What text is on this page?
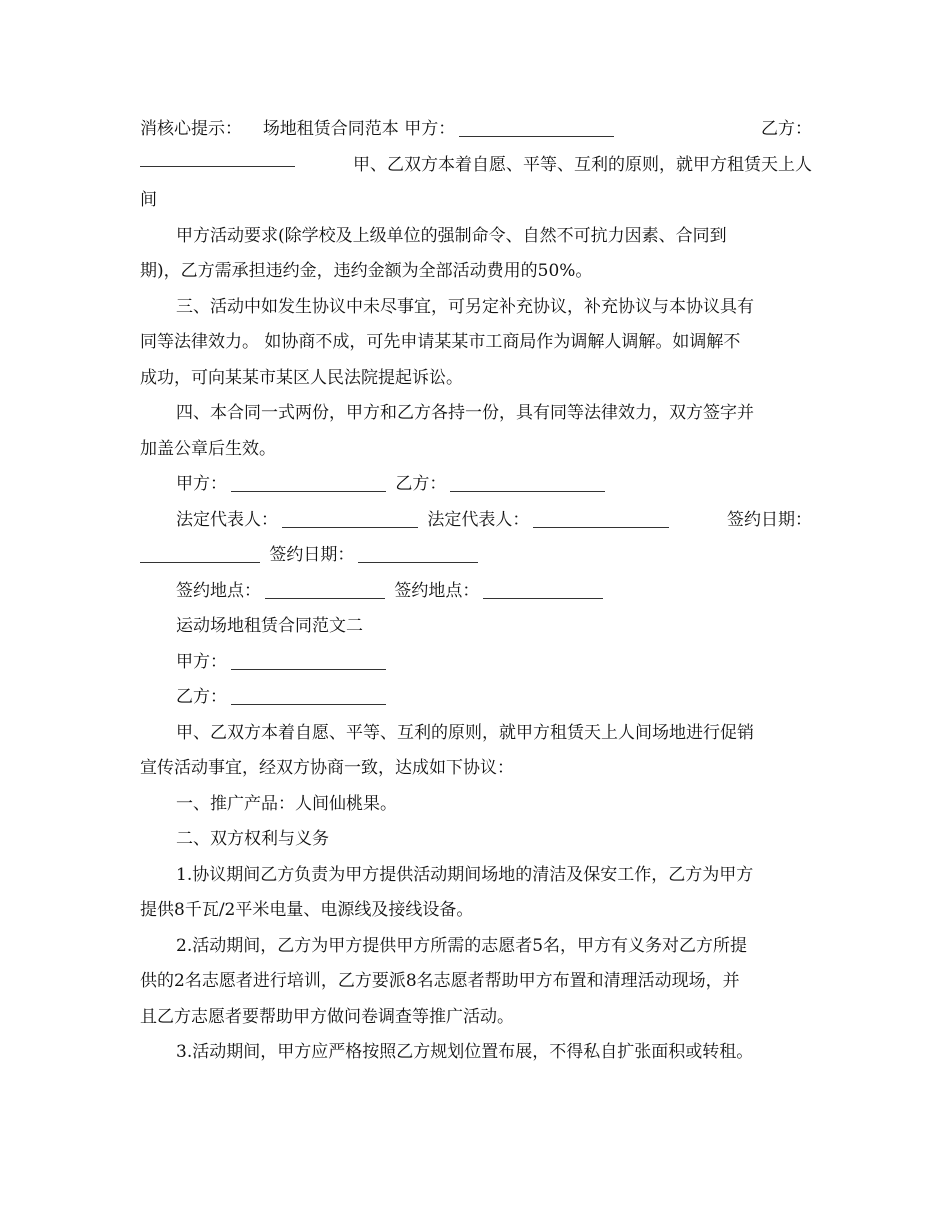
消核心提示： 场地租赁合同范本 甲方：	乙方：
甲、乙双方本着自愿、平等、互利的原则，就甲方租赁天上人
间
甲方活动要求(除学校及上级单位的强制命令、自然不可抗力因素、合同到
期)，乙方需承担违约金，违约金额为全部活动费用的50%。
三、活动中如发生协议中未尽事宜，可另定补充协议，补充协议与本协议具有
同等法律效力。 如协商不成，可先申请某某市工商局作为调解人调解。如调解不
成功，可向某某市某区人民法院提起诉讼。
四、本合同一式两份，甲方和乙方各持一份，具有同等法律效力，双方签字并
加盖公章后生效。
甲方：	乙方：
法定代表人：	法定代表人：	签约日期：
签约日期：
签约地点：	签约地点：
运动场地租赁合同范文二
甲方：
乙方：
甲、乙双方本着自愿、平等、互利的原则，就甲方租赁天上人间场地进行促销
宣传活动事宜，经双方协商一致，达成如下协议：
一、推广产品：人间仙桃果。
二、双方权利与义务
1.协议期间乙方负责为甲方提供活动期间场地的清洁及保安工作，乙方为甲方
提供8千瓦/2平米电量、电源线及接线设备。
2.活动期间，乙方为甲方提供甲方所需的志愿者5名，甲方有义务对乙方所提
供的2名志愿者进行培训，乙方要派8名志愿者帮助甲方布置和清理活动现场，并
且乙方志愿者要帮助甲方做问卷调查等推广活动。
3.活动期间，甲方应严格按照乙方规划位置布展，不得私自扩张面积或转租。
